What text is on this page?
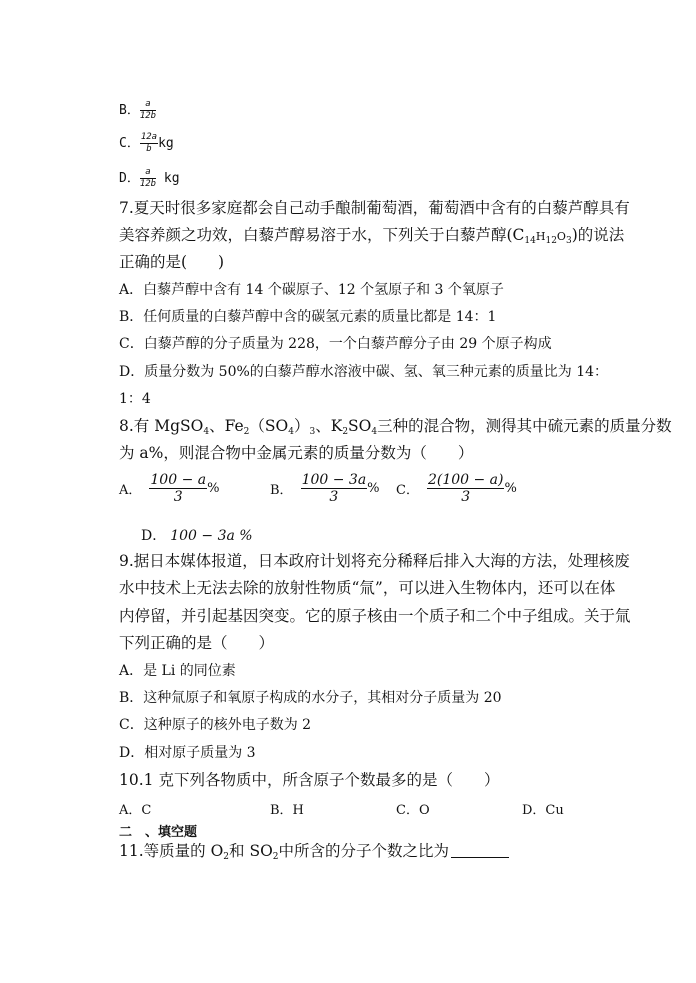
B． $\frac{a}{12b}$
C． $\frac{12a}{b}$ kg
D． $\frac{a}{12b}$ kg
7.夏天时很多家庭都会自己动手酿制葡萄酒，葡萄酒中含有的白藜芦醇具有
美容养颜之功效，白藜芦醇易溶于水，下列关于白藜芦醇$(C_{14}H_{12}O_3)$的说法
正确的是(　　)
A．白藜芦醇中含有 14 个碳原子、12 个氢原子和 3 个氧原子
B．任何质量的白藜芦醇中含的碳氢元素的质量比都是 14：1
C．白藜芦醇的分子质量为 228，一个白藜芦醇分子由 29 个原子构成
D．质量分数为 50%的白藜芦醇水溶液中碳、氢、氧三种元素的质量比为 14：
1：4
8.有 MgSO$_4$、$Fe_2(SO_4)_3$、$K_2SO_4$三种的混合物，测得其中硫元素的质量分数
为 a%，则混合物中金属元素的质量分数为（　　）
A． $\frac{100 - a}{3}$ %	B． $\frac{100 - 3a}{3}$ % C． $\frac{2(100 - a)}{3}$ %
D． 100 − 3a %
9.据日本媒体报道，日本政府计划将充分稀释后排入大海的方法，处理核废
水中技术上无法去除的放射性物质“氚”，可以进入生物体内，还可以在体
内停留，并引起基因突变。它的原子核由一个质子和二个中子组成。关于氚
下列正确的是（　　）
A．是 Li 的同位素
B．这种氚原子和氧原子构成的水分子，其相对分子质量为 20
C．这种原子的核外电子数为 2
D．相对原子质量为 3
10.1 克下列各物质中，所含原子个数最多的是（　　）
A．C	B．H	C．O	D．Cu
二　、填空题
11.等质量的 $O_2$和 $SO_2$中所含的分子个数之比为
